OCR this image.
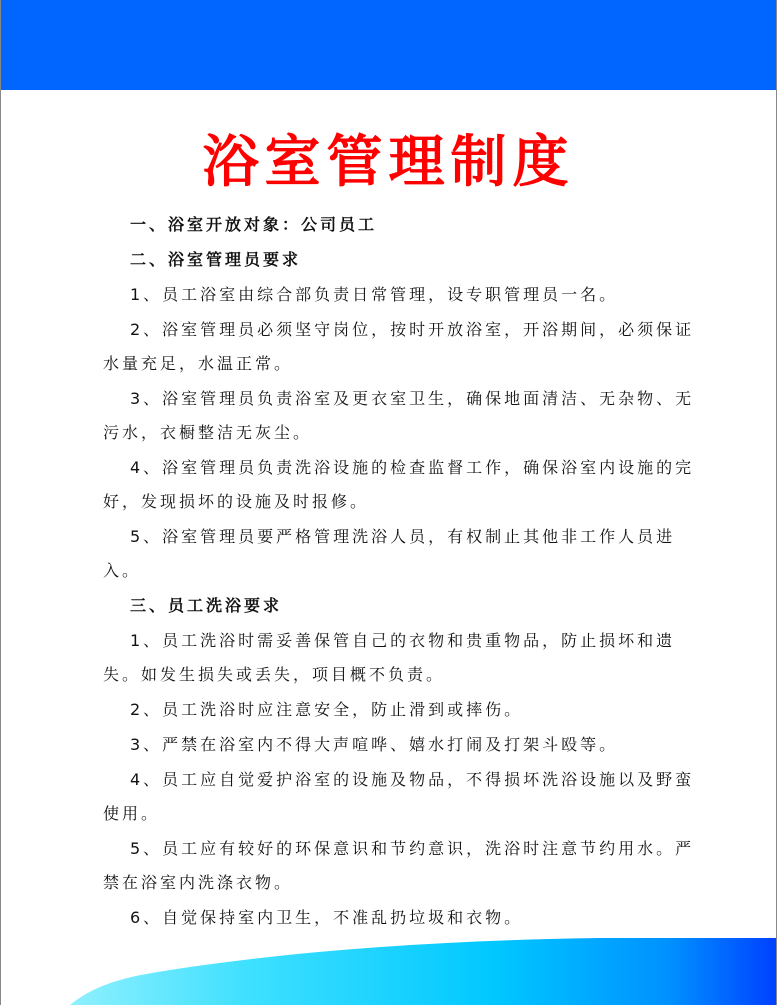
浴室管理制度

一、浴室开放对象：公司员工

二、浴室管理员要求

1、员工浴室由综合部负责日常管理，设专职管理员一名。

2、浴室管理员必须坚守岗位，按时开放浴室，开浴期间，必须保证水量充足，水温正常。

3、浴室管理员负责浴室及更衣室卫生，确保地面清洁、无杂物、无污水，衣橱整洁无灰尘。

4、浴室管理员负责洗浴设施的检查监督工作，确保浴室内设施的完好，发现损坏的设施及时报修。

5、浴室管理员要严格管理洗浴人员，有权制止其他非工作人员进入。

三、员工洗浴要求

1、员工洗浴时需妥善保管自己的衣物和贵重物品，防止损坏和遗失。如发生损失或丢失，项目概不负责。

2、员工洗浴时应注意安全，防止滑到或摔伤。

3、严禁在浴室内不得大声喧哗、嬉水打闹及打架斗殴等。

4、员工应自觉爱护浴室的设施及物品，不得损坏洗浴设施以及野蛮使用。

5、员工应有较好的环保意识和节约意识，洗浴时注意节约用水。严禁在浴室内洗涤衣物。

6、自觉保持室内卫生，不准乱扔垃圾和衣物。
